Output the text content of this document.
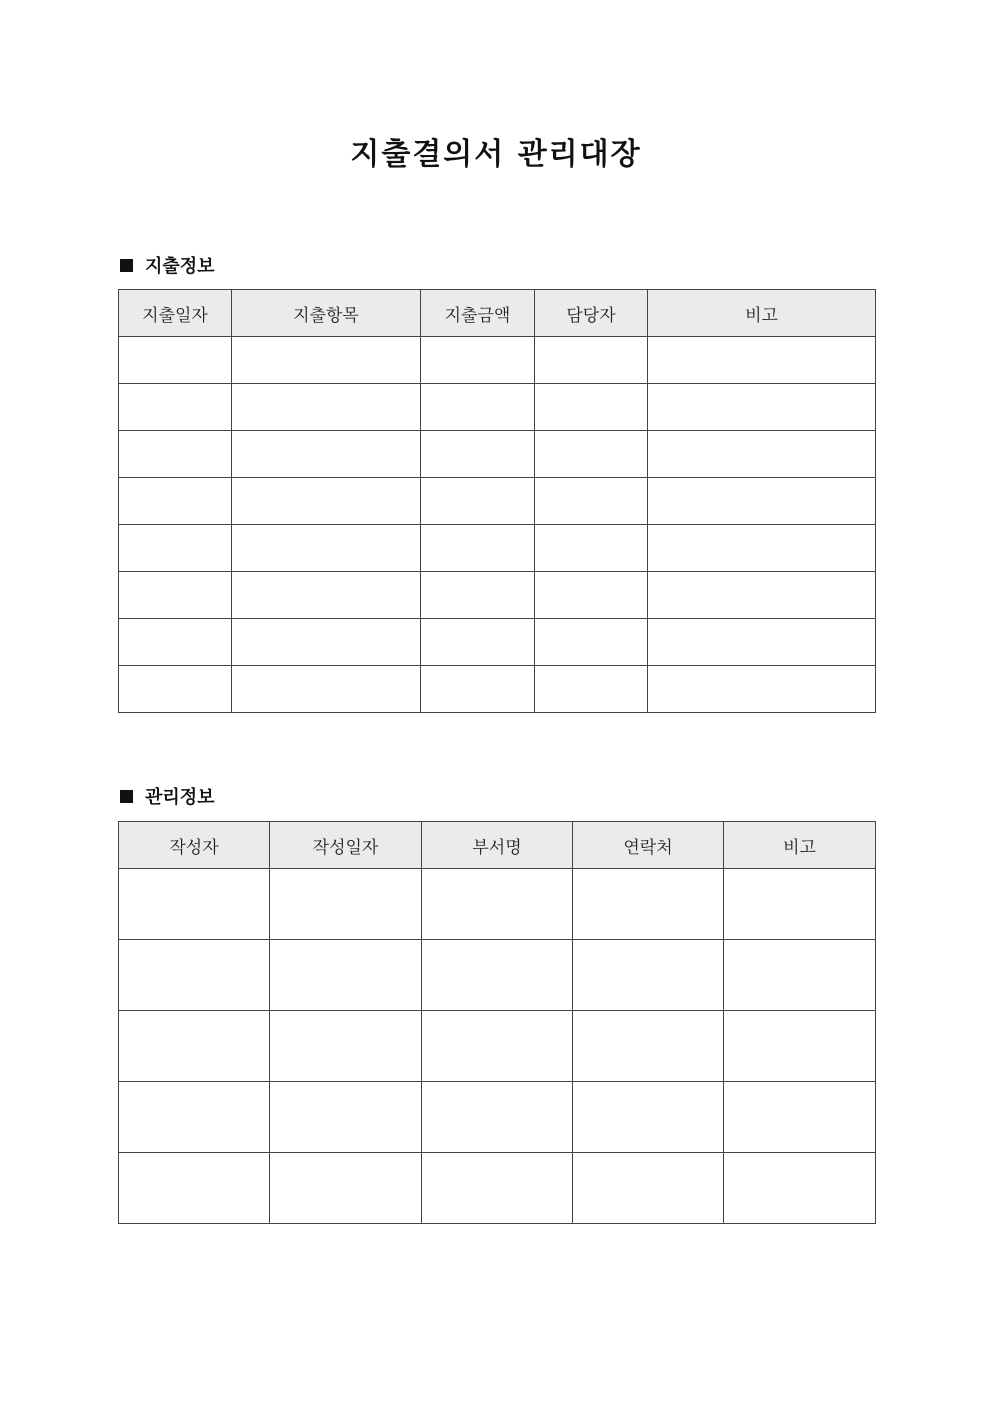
지출결의서 관리대장
지출정보
지출일자	지출항목	지출금액	담당자	비고

관리정보
작성자	작성일자	부서명	연락처	비고
